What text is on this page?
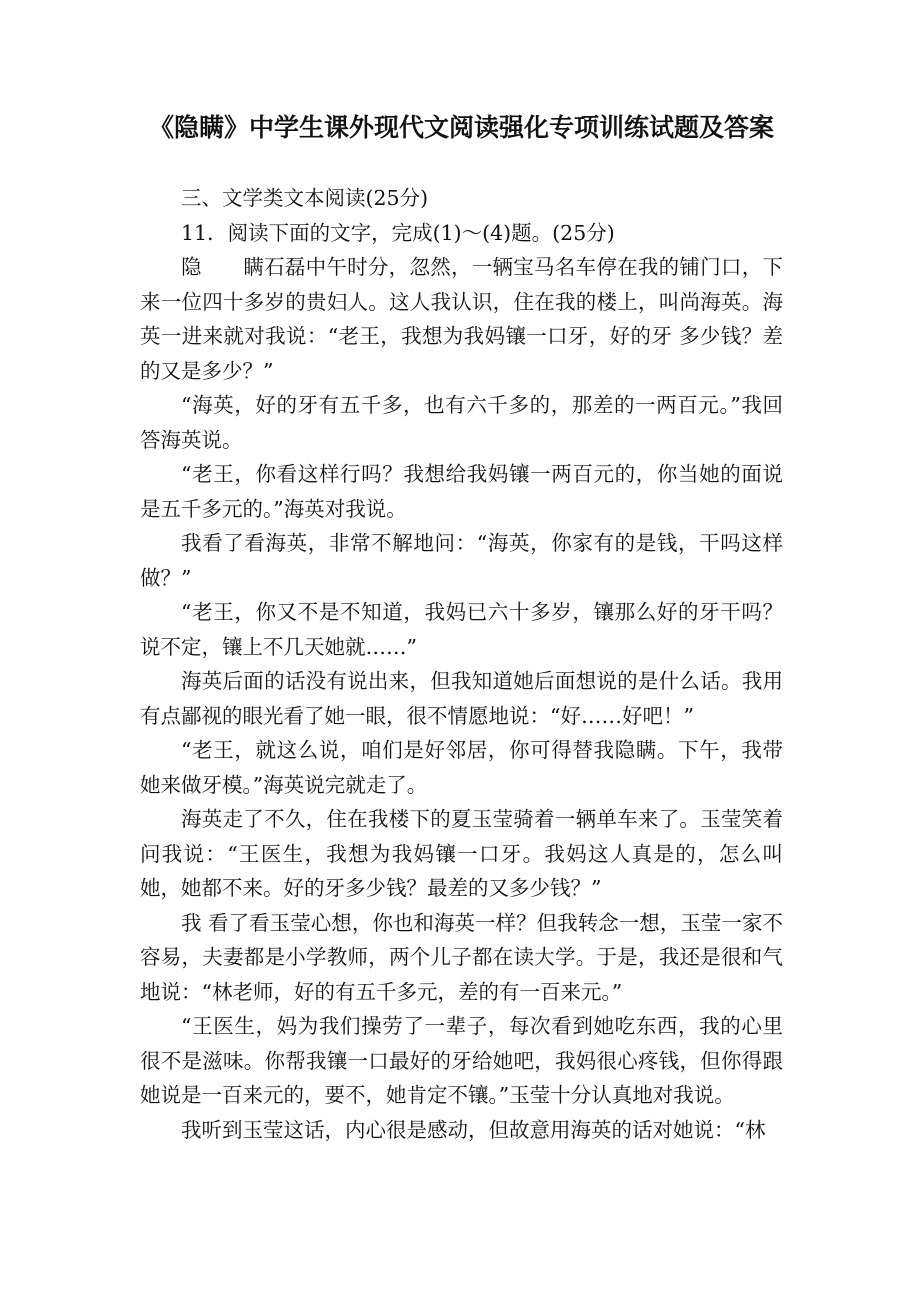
《隐瞒》中学生课外现代文阅读强化专项训练试题及答案

三、文学类文本阅读(25分)

11．阅读下面的文字，完成(1)～(4)题。(25分)

隐　　瞒石磊中午时分，忽然，一辆宝马名车停在我的铺门口，下来一位四十多岁的贵妇人。这人我认识，住在我的楼上，叫尚海英。海英一进来就对我说：“老王，我想为我妈镶一口牙，好的牙 多少钱？差的又是多少？”

“海英，好的牙有五千多，也有六千多的，那差的一两百元。”我回答海英说。

“老王，你看这样行吗？我想给我妈镶一两百元的，你当她的面说是五千多元的。”海英对我说。

我看了看海英，非常不解地问：“海英，你家有的是钱，干吗这样做？”

“老王，你又不是不知道，我妈已六十多岁，镶那么好的牙干吗？说不定，镶上不几天她就……”

海英后面的话没有说出来，但我知道她后面想说的是什么话。我用有点鄙视的眼光看了她一眼，很不情愿地说：“好……好吧！”

“老王，就这么说，咱们是好邻居，你可得替我隐瞒。下午，我带她来做牙模。”海英说完就走了。

海英走了不久，住在我楼下的夏玉莹骑着一辆单车来了。玉莹笑着问我说：“王医生，我想为我妈镶一口牙。我妈这人真是的，怎么叫她，她都不来。好的牙多少钱？最差的又多少钱？”

我 看了看玉莹心想，你也和海英一样？但我转念一想，玉莹一家不容易，夫妻都是小学教师，两个儿子都在读大学。于是，我还是很和气地说：“林老师，好的有五千多元，差的有一百来元。”

“王医生，妈为我们操劳了一辈子，每次看到她吃东西，我的心里很不是滋味。你帮我镶一口最好的牙给她吧，我妈很心疼钱，但你得跟她说是一百来元的，要不，她肯定不镶。”玉莹十分认真地对我说。

我听到玉莹这话，内心很是感动，但故意用海英的话对她说：“林
